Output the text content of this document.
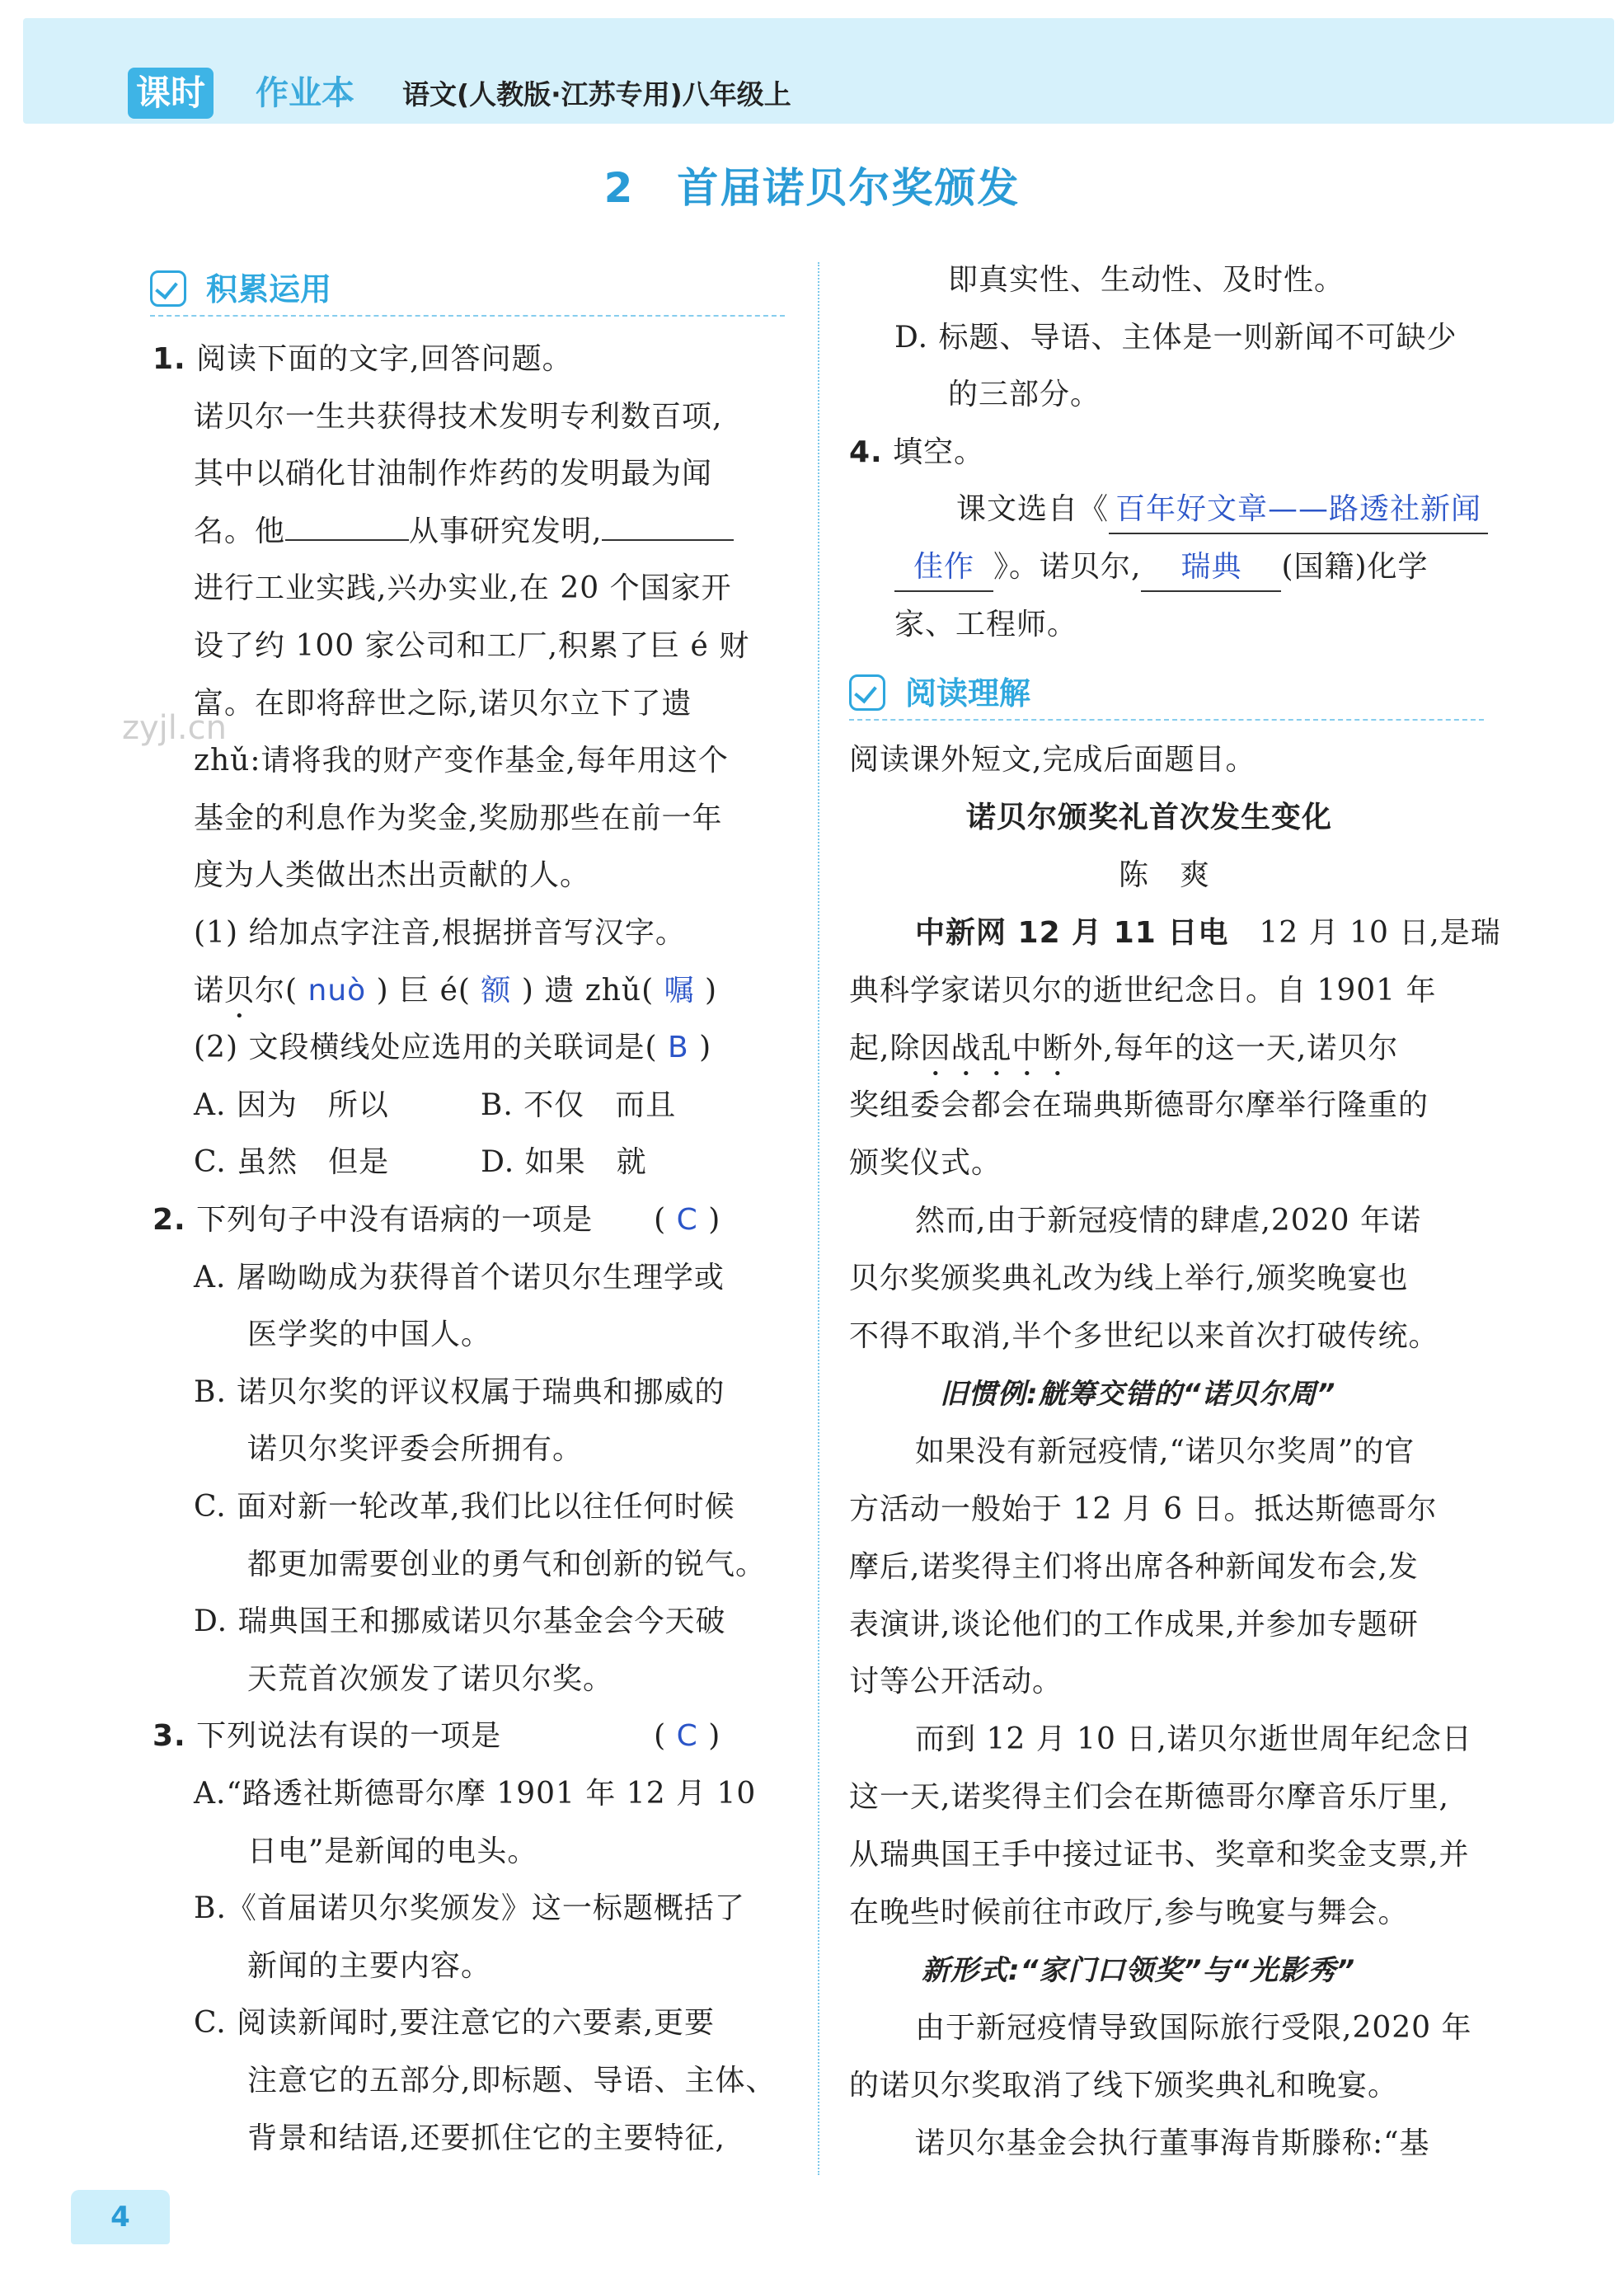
课时 作业本 语文(人教版·江苏专用)八年级上
2　首届诺贝尔奖颁发
积累运用
阅读理解
1. 阅读下面的文字,回答问题。
诺贝尔一生共获得技术发明专利数百项,
其中以硝化甘油制作炸药的发明最为闻
名。他	从事研究发明,
进行工业实践,兴办实业,在 20 个国家开
设了约 100 家公司和工厂,积累了巨 é 财
富。在即将辞世之际,诺贝尔立下了遗
zhǔ:请将我的财产变作基金,每年用这个
基金的利息作为奖金,奖励那些在前一年
度为人类做出杰出贡献的人。
(1) 给加点字注音,根据拼音写汉字。
诺贝尔( nuò ) 巨 é( 额 ) 遗 zhǔ( 嘱 )
(2) 文段横线处应选用的关联词是( B )
A. 因为　所以　　　B. 不仅　而且
C. 虽然　但是　　　D. 如果　就
2. 下列句子中没有语病的一项是　　( C )
A. 屠呦呦成为获得首个诺贝尔生理学或
医学奖的中国人。
B. 诺贝尔奖的评议权属于瑞典和挪威的
诺贝尔奖评委会所拥有。
C. 面对新一轮改革,我们比以往任何时候
都更加需要创业的勇气和创新的锐气。
D. 瑞典国王和挪威诺贝尔基金会今天破
天荒首次颁发了诺贝尔奖。
3. 下列说法有误的一项是　　　　　( C )
A.“路透社斯德哥尔摩 1901 年 12 月 10
日电”是新闻的电头。
B.《首届诺贝尔奖颁发》这一标题概括了
新闻的主要内容。
C. 阅读新闻时,要注意它的六要素,更要
注意它的五部分,即标题、导语、主体、
背景和结语,还要抓住它的主要特征,
即真实性、生动性、及时性。
D. 标题、导语、主体是一则新闻不可缺少
的三部分。
4. 填空。
课文选自《 百年好文章——路透社新闻
佳作 》。诺贝尔, 瑞典 (国籍)化学
家、工程师。
阅读课外短文,完成后面题目。
诺贝尔颁奖礼首次发生变化
陈　爽
中新网 12 月 11 日电　12 月 10 日,是瑞
典科学家诺贝尔的逝世纪念日。自 1901 年
起,除因战乱中断外,每年的这一天,诺贝尔
奖组委会都会在瑞典斯德哥尔摩举行隆重的
颁奖仪式。
然而,由于新冠疫情的肆虐,2020 年诺
贝尔奖颁奖典礼改为线上举行,颁奖晚宴也
不得不取消,半个多世纪以来首次打破传统。
旧惯例:觥筹交错的“诺贝尔周”
如果没有新冠疫情,“诺贝尔奖周”的官
方活动一般始于 12 月 6 日。抵达斯德哥尔
摩后,诺奖得主们将出席各种新闻发布会,发
表演讲,谈论他们的工作成果,并参加专题研
讨等公开活动。
而到 12 月 10 日,诺贝尔逝世周年纪念日
这一天,诺奖得主们会在斯德哥尔摩音乐厅里,
从瑞典国王手中接过证书、奖章和奖金支票,并
在晚些时候前往市政厅,参与晚宴与舞会。
新形式:“家门口领奖”与“光影秀”
由于新冠疫情导致国际旅行受限,2020 年
的诺贝尔奖取消了线下颁奖典礼和晚宴。
诺贝尔基金会执行董事海肯斯滕称:“基
zyjl.cn
4
